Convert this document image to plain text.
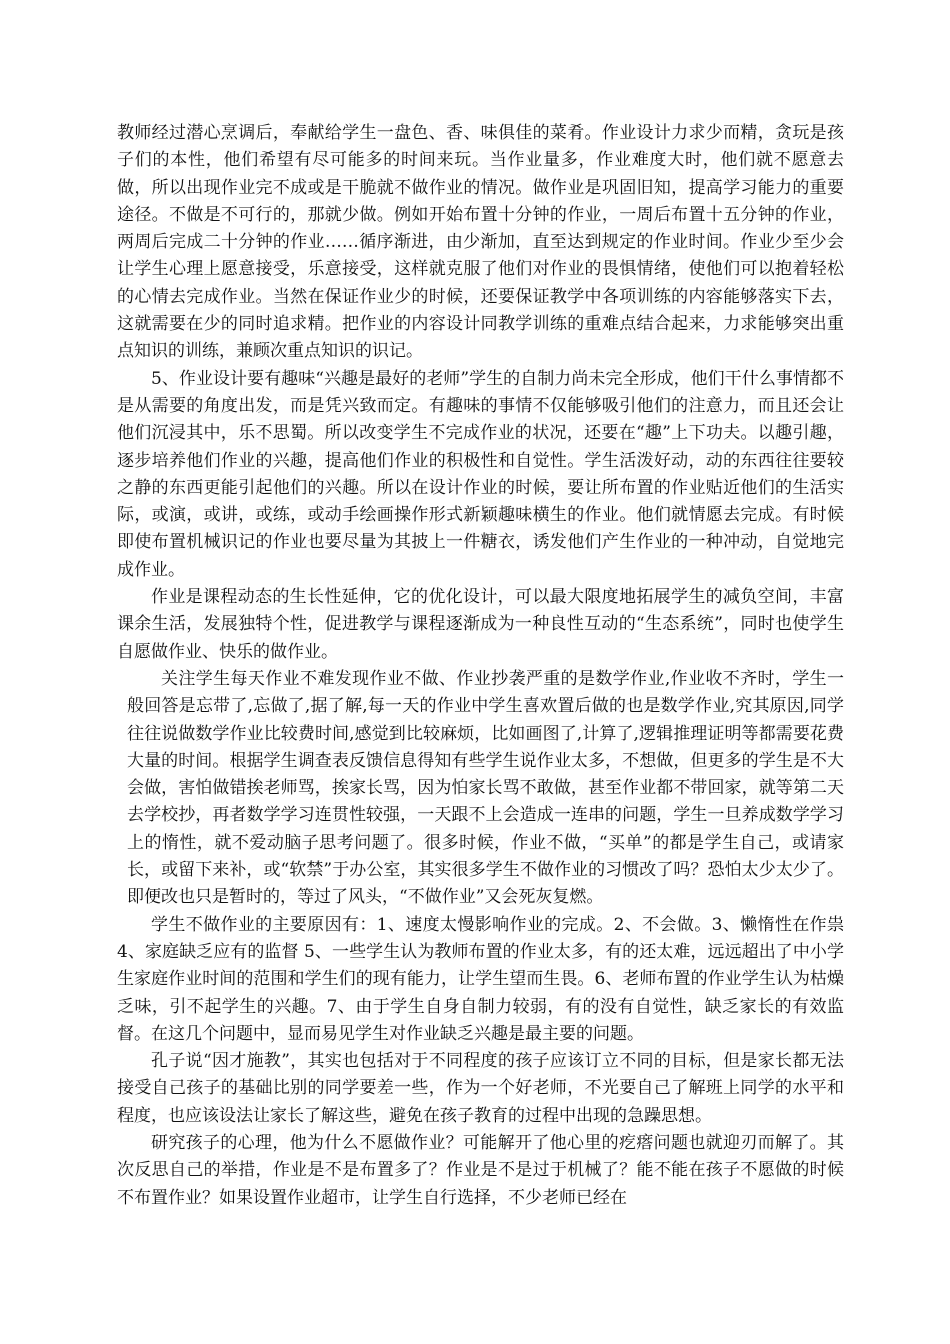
教师经过潜心烹调后，奉献给学生一盘色、香、味俱佳的菜肴。作业设计力求少而精，贪玩是孩子们的本性，他们希望有尽可能多的时间来玩。当作业量多，作业难度大时，他们就不愿意去做，所以出现作业完不成或是干脆就不做作业的情况。做作业是巩固旧知，提高学习能力的重要途径。不做是不可行的，那就少做。例如开始布置十分钟的作业，一周后布置十五分钟的作业，两周后完成二十分钟的作业……循序渐进，由少渐加，直至达到规定的作业时间。作业少至少会让学生心理上愿意接受，乐意接受，这样就克服了他们对作业的畏惧情绪，使他们可以抱着轻松的心情去完成作业。当然在保证作业少的时候，还要保证教学中各项训练的内容能够落实下去，这就需要在少的同时追求精。把作业的内容设计同教学训练的重难点结合起来，力求能够突出重点知识的训练，兼顾次重点知识的识记。

5、作业设计要有趣味“兴趣是最好的老师”学生的自制力尚未完全形成，他们干什么事情都不是从需要的角度出发，而是凭兴致而定。有趣味的事情不仅能够吸引他们的注意力，而且还会让他们沉浸其中，乐不思蜀。所以改变学生不完成作业的状况，还要在“趣”上下功夫。以趣引趣，逐步培养他们作业的兴趣，提高他们作业的积极性和自觉性。学生活泼好动，动的东西往往要较之静的东西更能引起他们的兴趣。所以在设计作业的时候，要让所布置的作业贴近他们的生活实际，或演，或讲，或练，或动手绘画操作形式新颖趣味横生的作业。他们就情愿去完成。有时候即使布置机械识记的作业也要尽量为其披上一件糖衣，诱发他们产生作业的一种冲动，自觉地完成作业。

作业是课程动态的生长性延伸，它的优化设计，可以最大限度地拓展学生的减负空间，丰富课余生活，发展独特个性，促进教学与课程逐渐成为一种良性互动的“生态系统”，同时也使学生自愿做作业、快乐的做作业。

关注学生每天作业不难发现作业不做、作业抄袭严重的是数学作业,作业收不齐时，学生一般回答是忘带了,忘做了,据了解,每一天的作业中学生喜欢置后做的也是数学作业,究其原因,同学往往说做数学作业比较费时间,感觉到比较麻烦，比如画图了,计算了,逻辑推理证明等都需要花费大量的时间。根据学生调查表反馈信息得知有些学生说作业太多，不想做，但更多的学生是不大会做，害怕做错挨老师骂，挨家长骂，因为怕家长骂不敢做，甚至作业都不带回家，就等第二天去学校抄，再者数学学习连贯性较强，一天跟不上会造成一连串的问题，学生一旦养成数学学习上的惰性，就不爱动脑子思考问题了。很多时候，作业不做，“买单”的都是学生自己，或请家长，或留下来补，或“软禁”于办公室，其实很多学生不做作业的习惯改了吗？恐怕太少太少了。即便改也只是暂时的，等过了风头，“不做作业”又会死灰复燃。

学生不做作业的主要原因有：1、速度太慢影响作业的完成。2、不会做。3、懒惰性在作祟 4、家庭缺乏应有的监督 5、一些学生认为教师布置的作业太多，有的还太难，远远超出了中小学生家庭作业时间的范围和学生们的现有能力，让学生望而生畏。6、老师布置的作业学生认为枯燥乏味，引不起学生的兴趣。7、由于学生自身自制力较弱，有的没有自觉性，缺乏家长的有效监督。在这几个问题中，显而易见学生对作业缺乏兴趣是最主要的问题。

孔子说“因才施教”，其实也包括对于不同程度的孩子应该订立不同的目标，但是家长都无法接受自己孩子的基础比别的同学要差一些，作为一个好老师，不光要自己了解班上同学的水平和程度，也应该设法让家长了解这些，避免在孩子教育的过程中出现的急躁思想。

研究孩子的心理，他为什么不愿做作业？可能解开了他心里的疙瘩问题也就迎刃而解了。其次反思自己的举措，作业是不是布置多了？作业是不是过于机械了？能不能在孩子不愿做的时候不布置作业？如果设置作业超市，让学生自行选择，不少老师已经在
